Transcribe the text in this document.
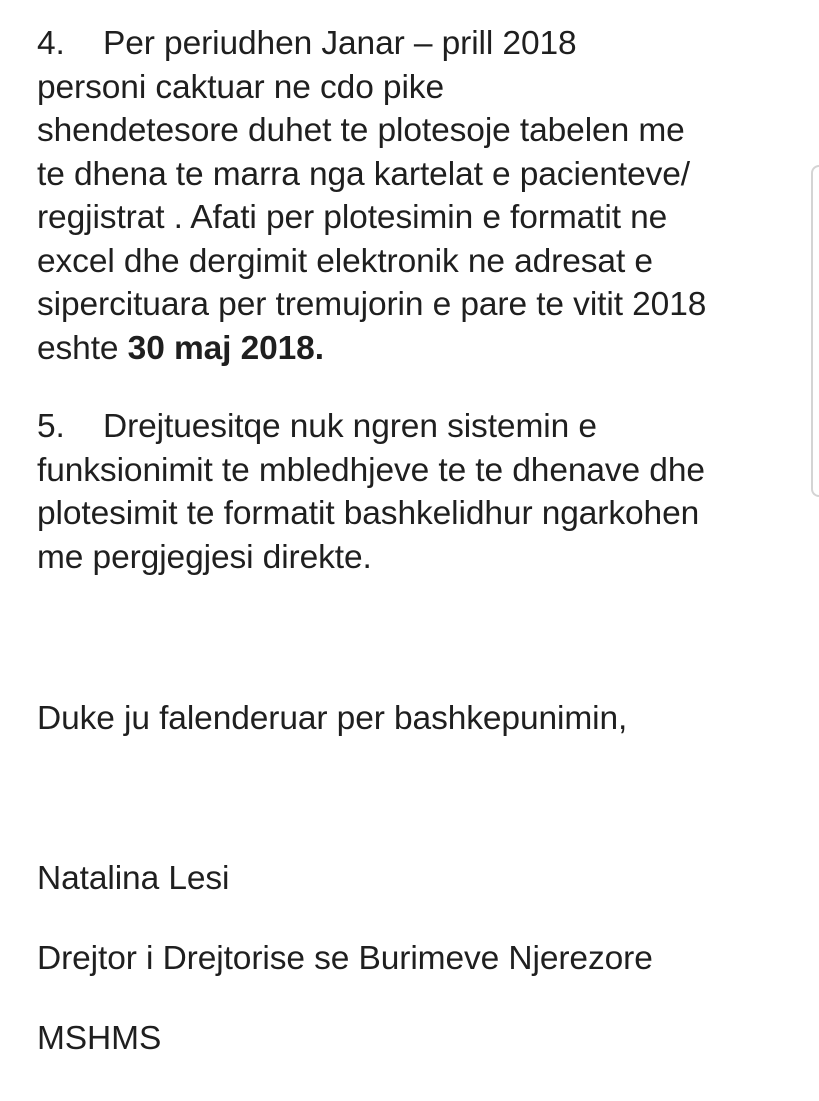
4. Per periudhen Janar – prill 2018
personi caktuar ne cdo pike
shendetesore duhet te plotesoje tabelen me
te dhena te marra nga kartelat e pacienteve/
regjistrat . Afati per plotesimin e formatit ne
excel dhe dergimit elektronik ne adresat e
sipercituara per tremujorin e pare te vitit 2018
eshte 30 maj 2018.

5. Drejtuesitqe nuk ngren sistemin e
funksionimit te mbledhjeve te te dhenave dhe
plotesimit te formatit bashkelidhur ngarkohen
me pergjegjesi direkte.

Duke ju falenderuar per bashkepunimin,

Natalina Lesi

Drejtor i Drejtorise se Burimeve Njerezore

MSHMS
